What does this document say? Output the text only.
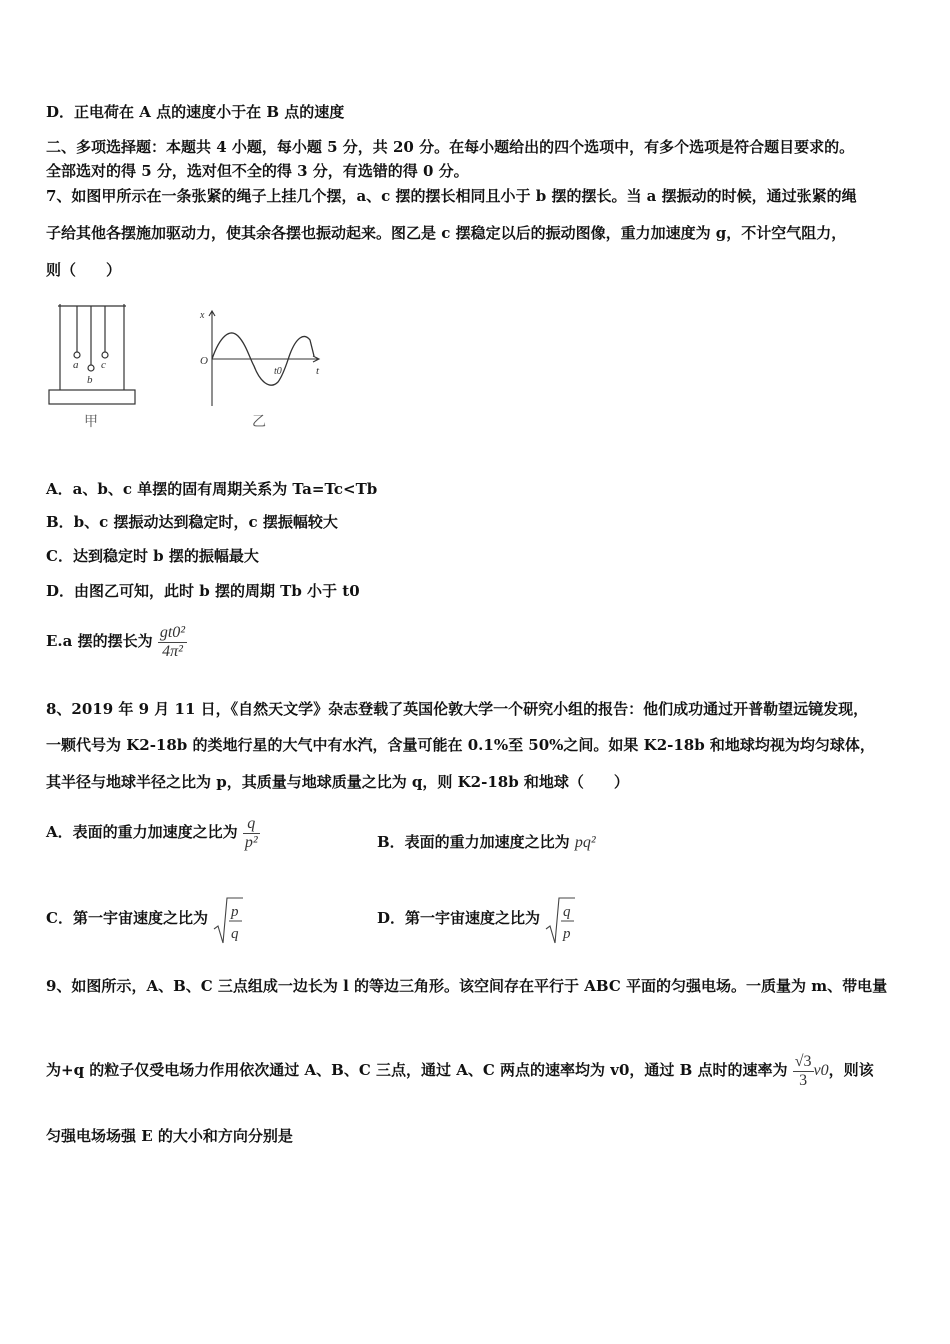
D．正电荷在 A 点的速度小于在 B 点的速度
二、多项选择题：本题共 4 小题，每小题 5 分，共 20 分。在每小题给出的四个选项中，有多个选项是符合题目要求的。
全部选对的得 5 分，选对但不全的得 3 分，有选错的得 0 分。
7、如图甲所示在一条张紧的绳子上挂几个摆，a、c 摆的摆长相同且小于 b 摆的摆长。当 a 摆振动的时候，通过张紧的绳
子给其他各摆施加驱动力，使其余各摆也振动起来。图乙是 c 摆稳定以后的振动图像，重力加速度为 g，不计空气阻力，
则（　　）
a
b
c
甲
x
O
t0	t
乙
A．a、b、c 单摆的固有周期关系为 Ta=Tc<Tb
B．b、c 摆振动达到稳定时，c 摆振幅较大
C．达到稳定时 b 摆的振幅最大
D．由图乙可知，此时 b 摆的周期 Tb 小于 t0
E.a 摆的摆长为 $\frac{\text{gt0²}}{\text{4π²}}$
8、2019 年 9 月 11 日，《自然天文学》杂志登载了英国伦敦大学一个研究小组的报告：他们成功通过开普勒望远镜发现，
一颗代号为 K2-18b 的类地行星的大气中有水汽，含量可能在 0.1%至 50%之间。如果 K2-18b 和地球均视为均匀球体，
其半径与地球半径之比为 p，其质量与地球质量之比为 q，则 K2-18b 和地球（　　）
A．表面的重力加速度之比为 $\frac{q}{\text{p²}}$	B．表面的重力加速度之比为 pq²
C．第一宇宙速度之比为 p
q
D．第一宇宙速度之比为 q
p
9、如图所示，A、B、C 三点组成一边长为 l 的等边三角形。该空间存在平行于 ABC 平面的匀强电场。一质量为 m、带电量
为+q 的粒子仅受电场力作用依次通过 A、B、C 三点，通过 A、C 两点的速率均为 v0，通过 B 点时的速率为 $\frac{√3}{3} v0$，则该
匀强电场场强 E 的大小和方向分别是
